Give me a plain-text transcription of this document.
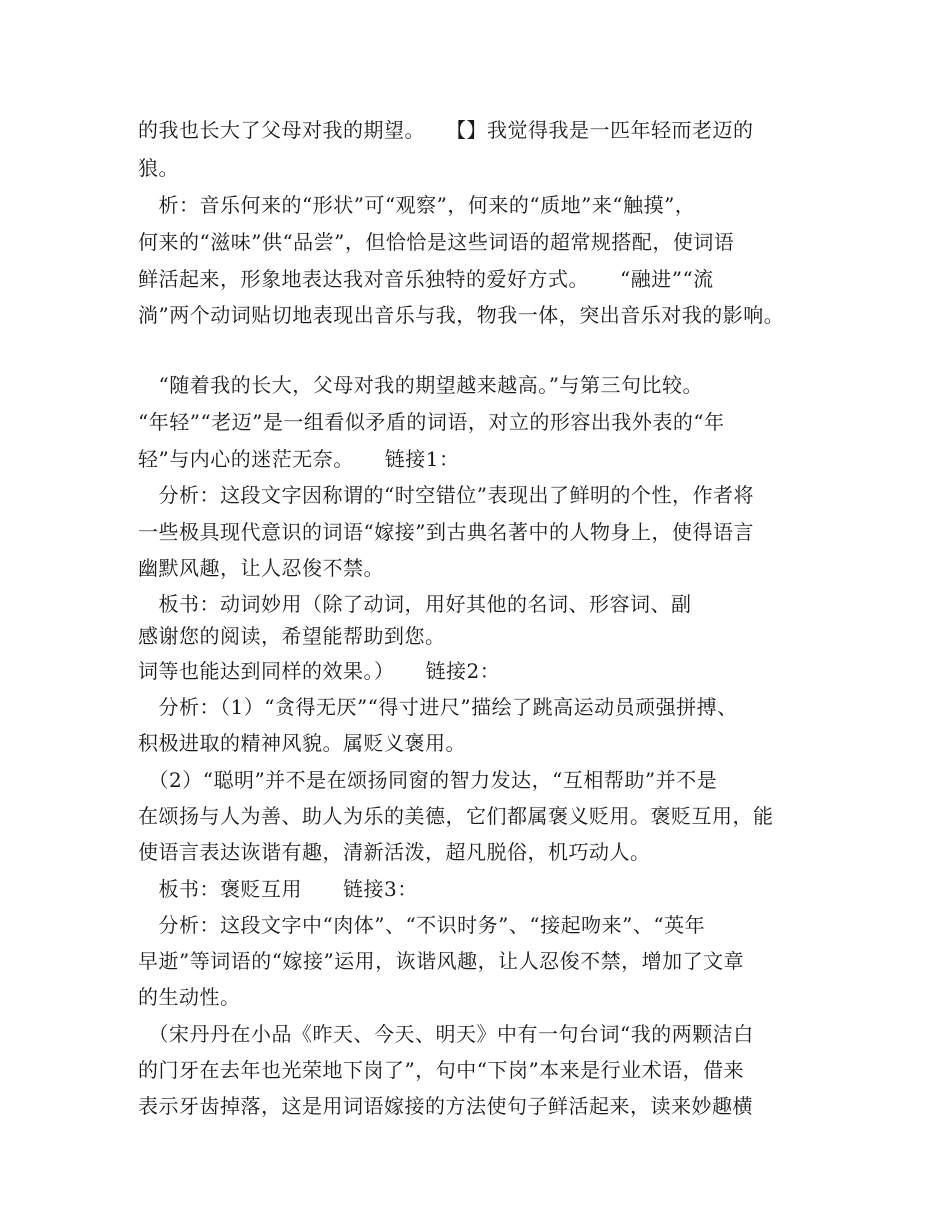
的我也长大了父母对我的期望。　　【】我觉得我是一匹年轻而老迈的
狼。
　析：音乐何来的“形状”可“观察”，何来的“质地”来“触摸”，
何来的“滋味”供“品尝”，但恰恰是这些词语的超常规搭配，使词语
鲜活起来，形象地表达我对音乐独特的爱好方式。　　“融进”“流
淌”两个动词贴切地表现出音乐与我，物我一体，突出音乐对我的影响。
　“随着我的长大，父母对我的期望越来越高。”与第三句比较。
“年轻”“老迈”是一组看似矛盾的词语，对立的形容出我外表的“年
轻”与内心的迷茫无奈。　　链接1：
　分析：这段文字因称谓的“时空错位”表现出了鲜明的个性，作者将
一些极具现代意识的词语“嫁接”到古典名著中的人物身上，使得语言
幽默风趣，让人忍俊不禁。
　板书：动词妙用（除了动词，用好其他的名词、形容词、副
感谢您的阅读，希望能帮助到您。
词等也能达到同样的效果。）　　链接2：
　分析：（1）“贪得无厌”“得寸进尺”描绘了跳高运动员顽强拼搏、
积极进取的精神风貌。属贬义褒用。
　（2）“聪明”并不是在颂扬同窗的智力发达，“互相帮助”并不是
在颂扬与人为善、助人为乐的美德，它们都属褒义贬用。褒贬互用，能
使语言表达诙谐有趣，清新活泼，超凡脱俗，机巧动人。
　板书：褒贬互用　　链接3：
　分析：这段文字中“肉体”、“不识时务”、“接起吻来”、“英年
早逝”等词语的“嫁接”运用，诙谐风趣，让人忍俊不禁，增加了文章
的生动性。
　（宋丹丹在小品《昨天、今天、明天》中有一句台词“我的两颗洁白
的门牙在去年也光荣地下岗了”，句中“下岗”本来是行业术语，借来
表示牙齿掉落，这是用词语嫁接的方法使句子鲜活起来，读来妙趣横
